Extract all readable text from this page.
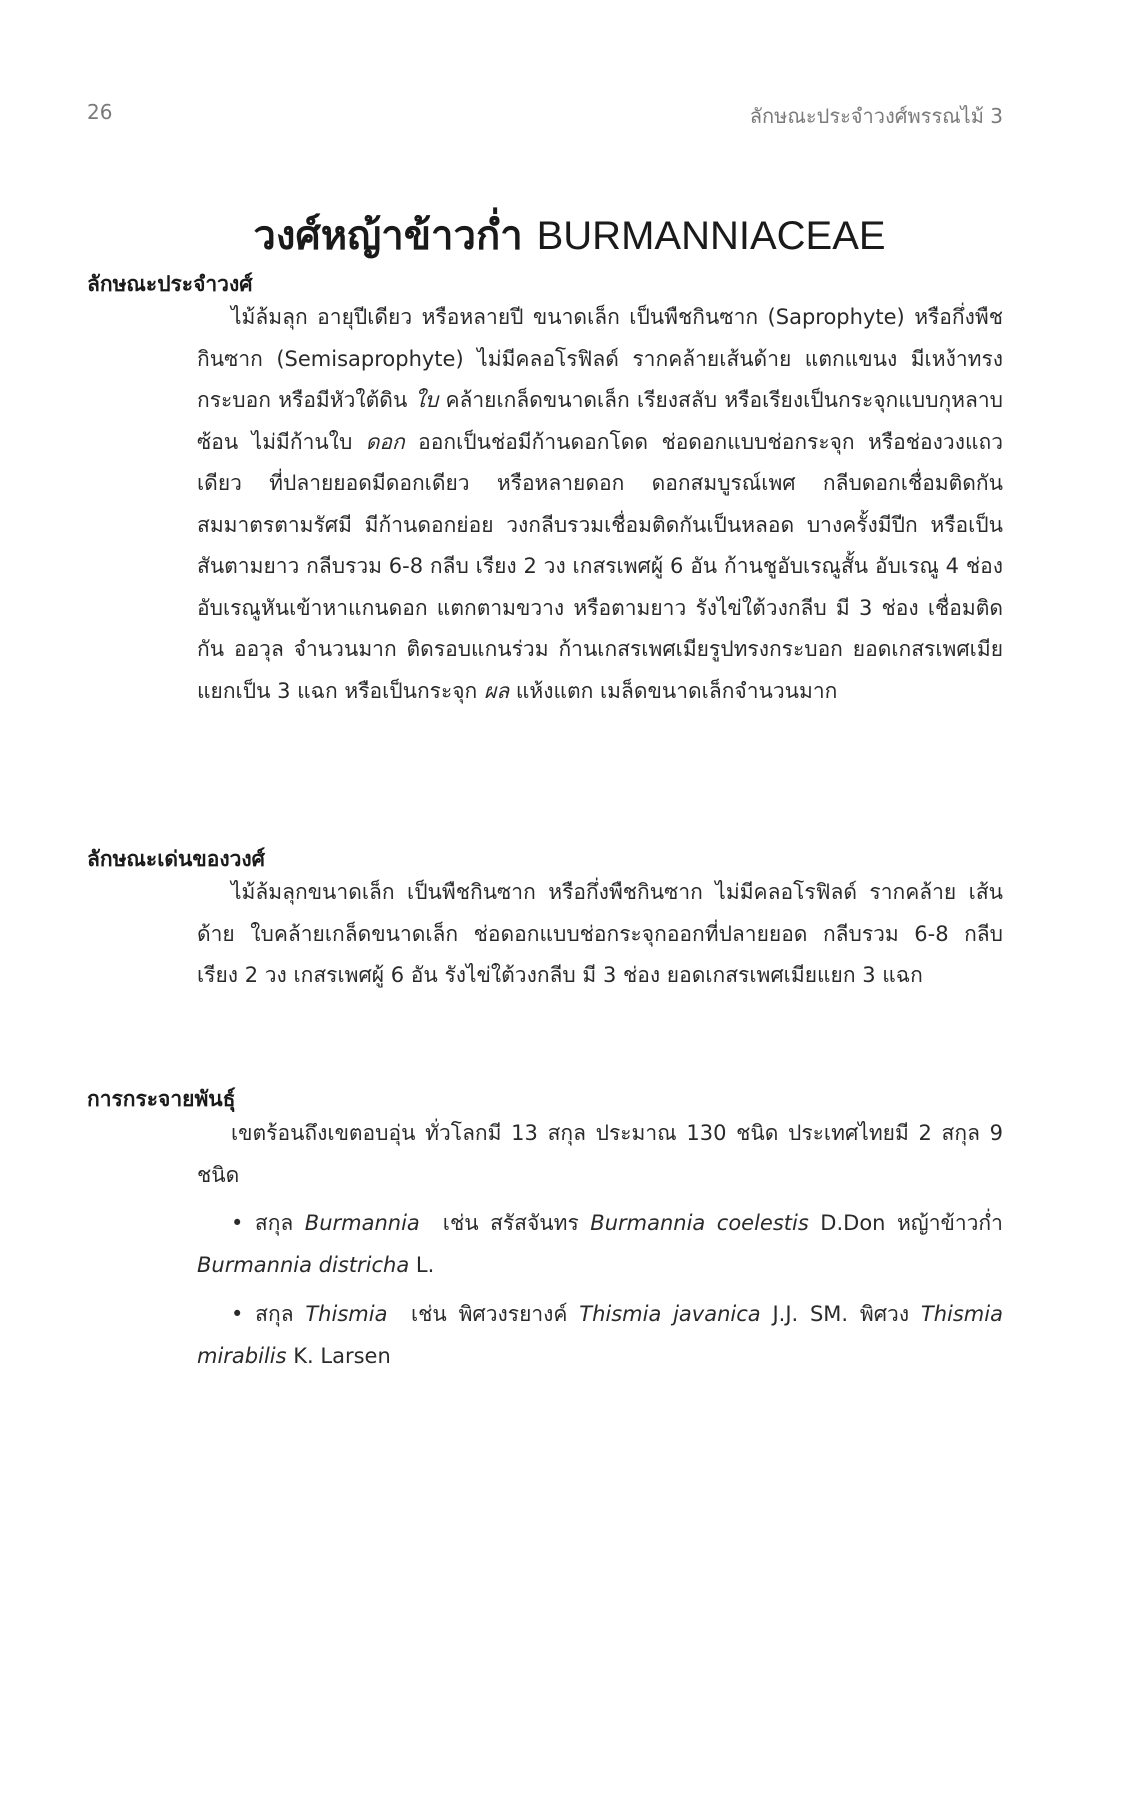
26	ลักษณะประจำวงศ์พรรณไม้ 3
วงศ์หญ้าข้าวก่ำ BURMANNIACEAE
ลักษณะประจำวงศ์

ไม้ล้มลุก อายุปีเดียว หรือหลายปี ขนาดเล็ก เป็นพืชกินซาก (Saprophyte) หรือกึ่งพืชกินซาก (Semisaprophyte) ไม่มีคลอโรฟิลด์ รากคล้ายเส้นด้าย แตกแขนง มีเหง้าทรงกระบอก หรือมีหัวใต้ดิน ใบ คล้ายเกล็ดขนาดเล็ก เรียงสลับ หรือเรียงเป็นกระจุกแบบกุหลาบซ้อน ไม่มีก้านใบ ดอก ออกเป็นช่อมีก้านดอกโดด ช่อดอกแบบช่อกระจุก หรือช่องวงแถวเดียว ที่ปลายยอดมีดอกเดียว หรือหลายดอก ดอกสมบูรณ์เพศ กลีบดอกเชื่อมติดกัน สมมาตรตามรัศมี มีก้านดอกย่อย วงกลีบรวมเชื่อมติดกันเป็นหลอด บางครั้งมีปีก หรือเป็นสันตามยาว กลีบรวม 6-8 กลีบ เรียง 2 วง เกสรเพศผู้ 6 อัน ก้านชูอับเรณูสั้น อับเรณู 4 ช่อง อับเรณูหันเข้าหาแกนดอก แตกตามขวาง หรือตามยาว รังไข่ใต้วงกลีบ มี 3 ช่อง เชื่อมติดกัน ออวุล จำนวนมาก ติดรอบแกนร่วม ก้านเกสรเพศเมียรูปทรงกระบอก ยอดเกสรเพศเมีย แยกเป็น 3 แฉก หรือเป็นกระจุก ผล แห้งแตก เมล็ดขนาดเล็กจำนวนมาก

ลักษณะเด่นของวงศ์

ไม้ล้มลุกขนาดเล็ก เป็นพืชกินซาก หรือกึ่งพืชกินซาก ไม่มีคลอโรฟิลด์ รากคล้าย เส้นด้าย ใบคล้ายเกล็ดขนาดเล็ก ช่อดอกแบบช่อกระจุกออกที่ปลายยอด กลีบรวม 6-8 กลีบ เรียง 2 วง เกสรเพศผู้ 6 อัน รังไข่ใต้วงกลีบ มี 3 ช่อง ยอดเกสรเพศเมียแยก 3 แฉก

การกระจายพันธุ์

เขตร้อนถึงเขตอบอุ่น ทั่วโลกมี 13 สกุล ประมาณ 130 ชนิด ประเทศไทยมี 2 สกุล 9 ชนิด

• สกุล Burmannia เช่น สรัสจันทร Burmannia coelestis D.Don หญ้าข้าวก่ำ Burmannia districha L.

• สกุล Thismia เช่น พิศวงรยางค์ Thismia javanica J.J. SM. พิศวง Thismia mirabilis K. Larsen
